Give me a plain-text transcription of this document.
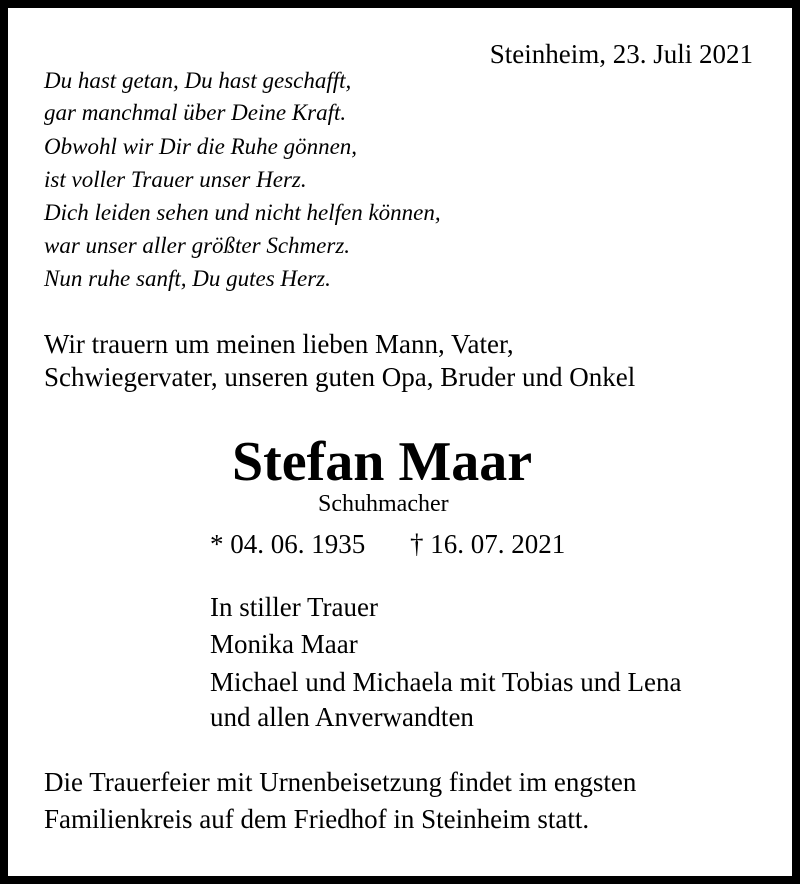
Steinheim, 23. Juli 2021
Du hast getan, Du hast geschafft,
gar manchmal über Deine Kraft.
Obwohl wir Dir die Ruhe gönnen,
ist voller Trauer unser Herz.
Dich leiden sehen und nicht helfen können,
war unser aller größter Schmerz.
Nun ruhe sanft, Du gutes Herz.
Wir trauern um meinen lieben Mann, Vater,
Schwiegervater, unseren guten Opa, Bruder und Onkel
Stefan Maar
Schuhmacher
* 04. 06. 1935 † 16. 07. 2021
In stiller Trauer
Monika Maar
Michael und Michaela mit Tobias und Lena
und allen Anverwandten
Die Trauerfeier mit Urnenbeisetzung findet im engsten
Familienkreis auf dem Friedhof in Steinheim statt.
